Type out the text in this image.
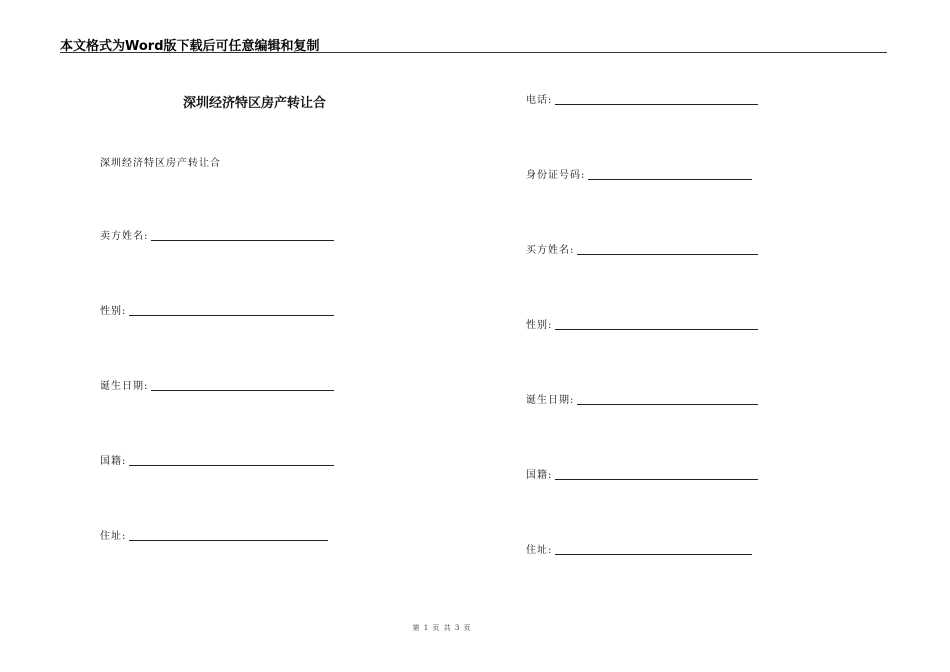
本文格式为Word版下载后可任意编辑和复制
深圳经济特区房产转让合
深圳经济特区房产转让合
卖方姓名:
性别:
诞生日期:
国籍:
住址:
电话:
身份证号码:
买方姓名:
性别:
诞生日期:
国籍:
住址:
第 1 页 共 3 页
